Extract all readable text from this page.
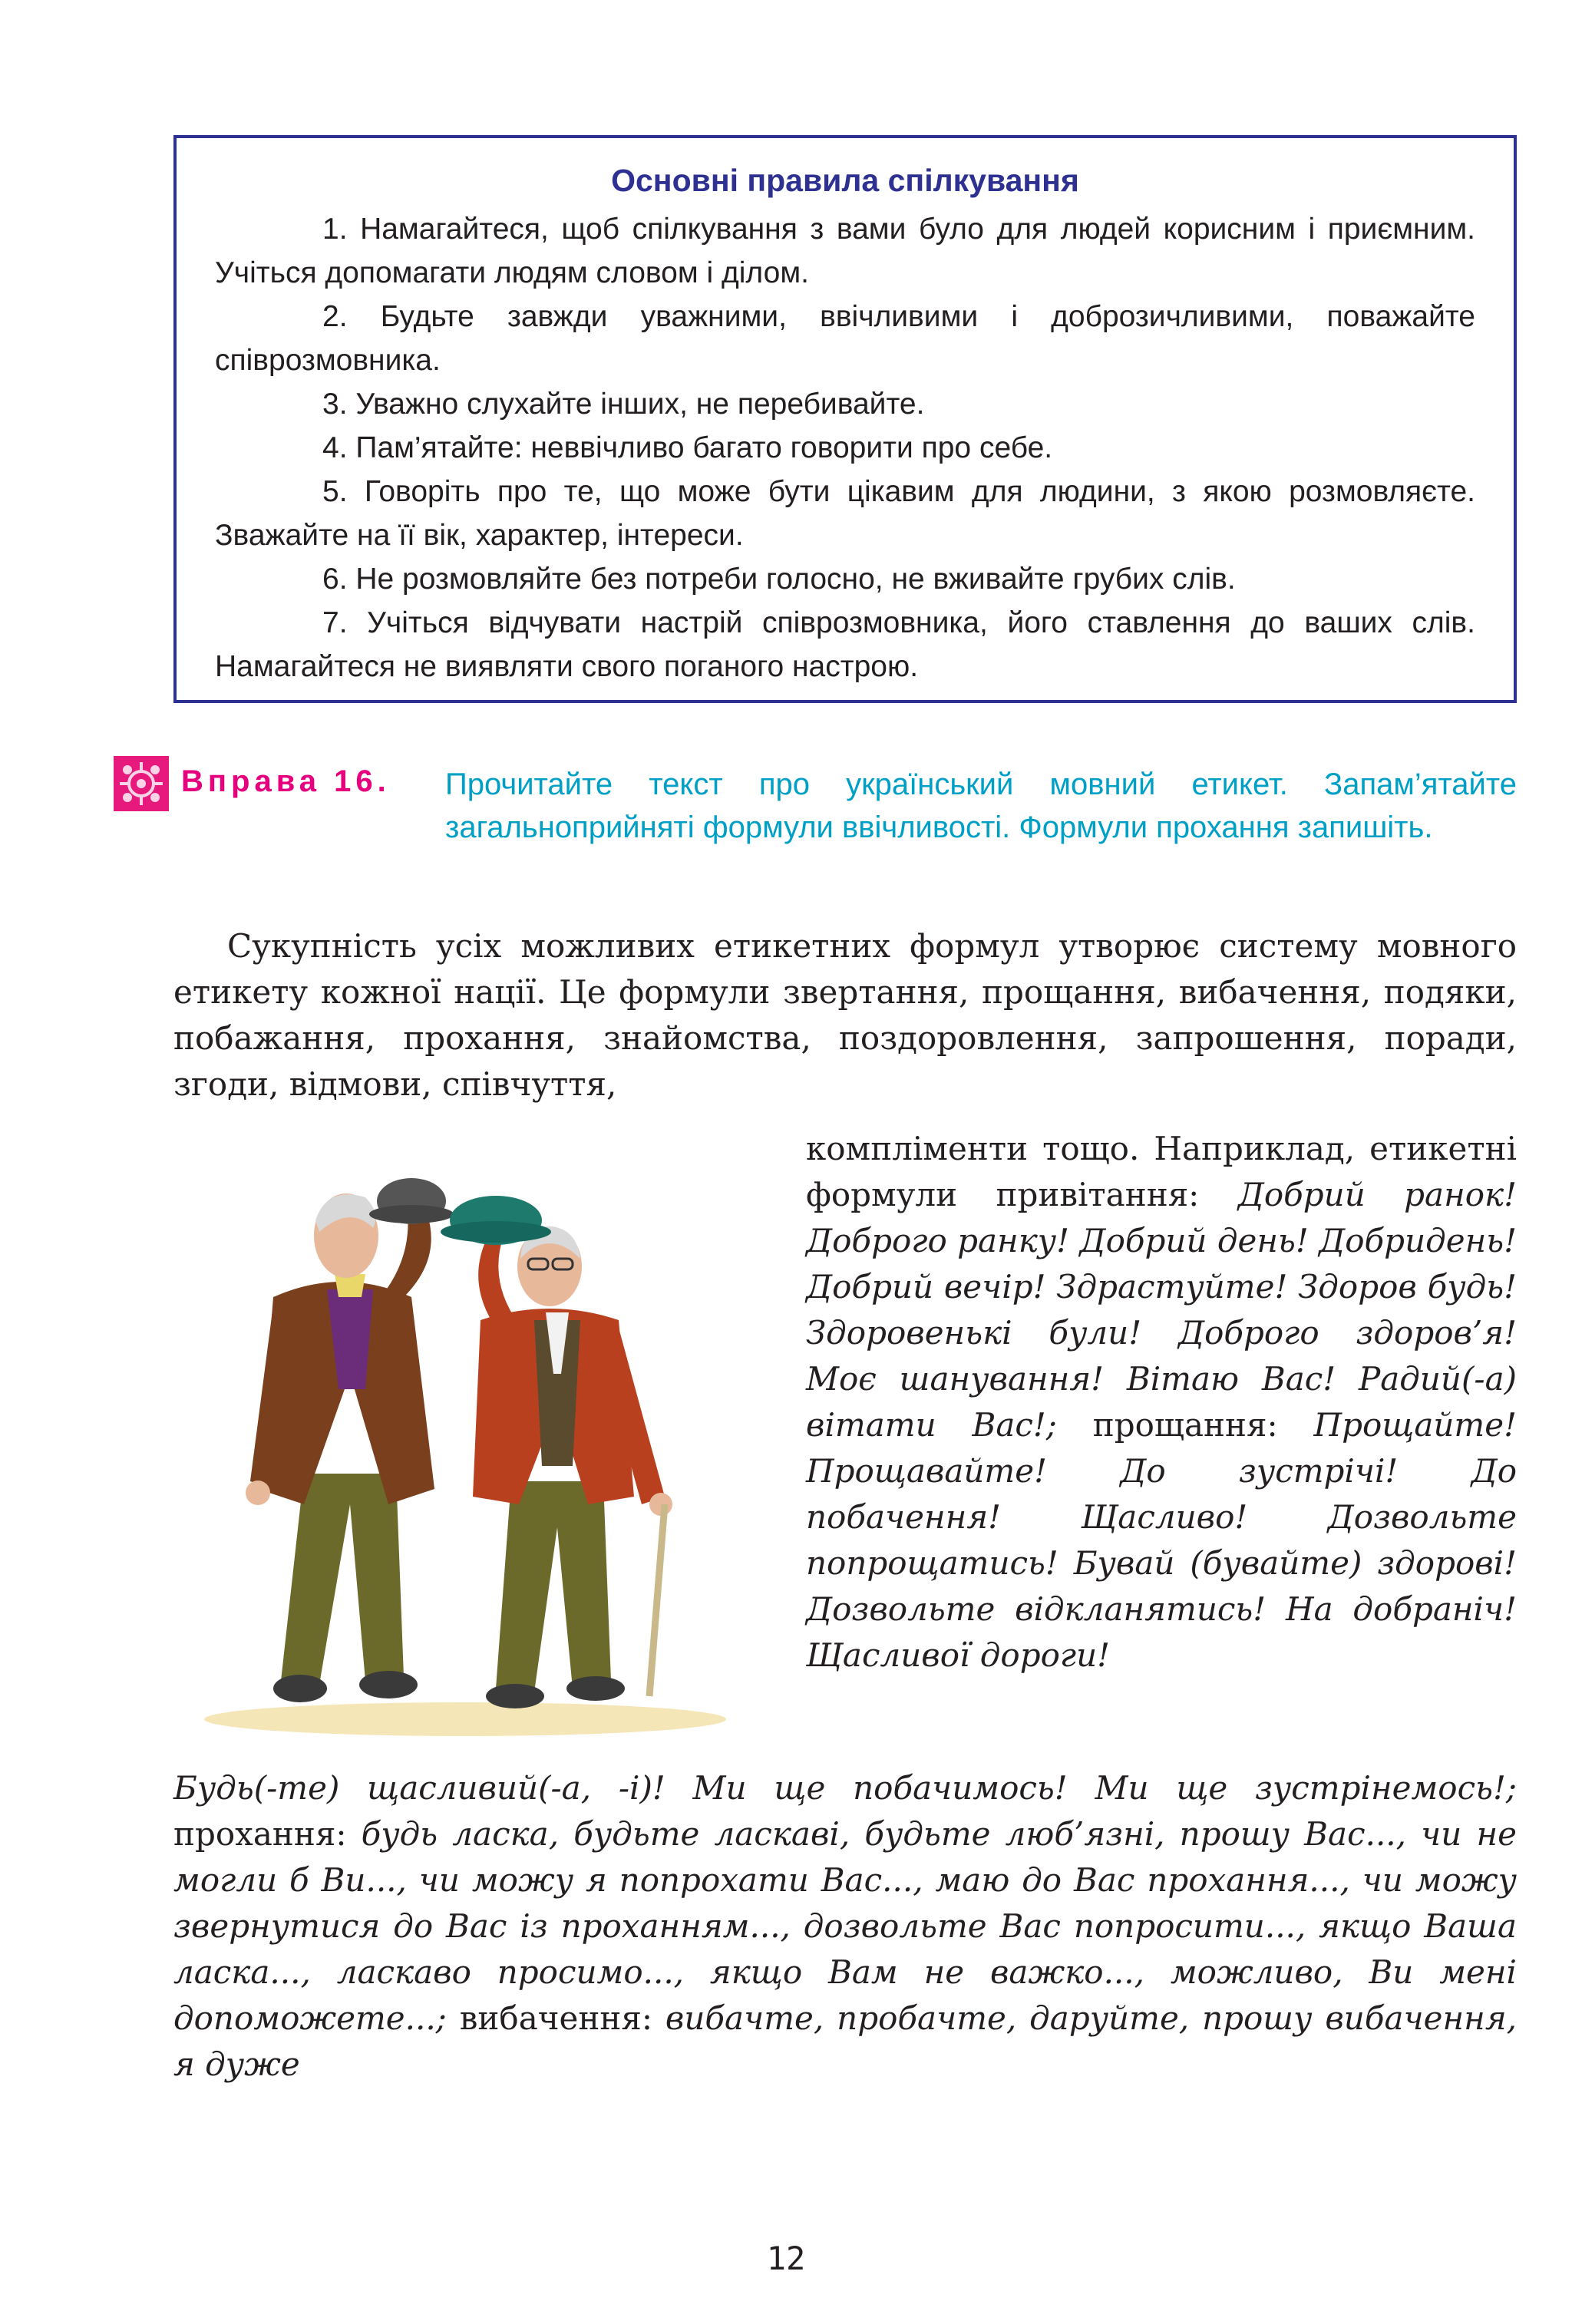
Основні правила спілкування

1. Намагайтеся, щоб спілкування з вами було для людей корисним і приємним. Учіться допомагати людям словом і ділом.

2. Будьте завжди уважними, ввічливими і доброзичливими, поважайте співрозмовника.

3. Уважно слухайте інших, не перебивайте.

4. Пам’ятайте: неввічливо багато говорити про себе.

5. Говоріть про те, що може бути цікавим для людини, з якою розмовляєте. Зважайте на її вік, характер, інтереси.

6. Не розмовляйте без потреби голосно, не вживайте грубих слів.

7. Учіться відчувати настрій співрозмовника, його ставлення до ваших слів. Намагайтеся не виявляти свого поганого настрою.

Вправа 16. Прочитайте текст про український мовний етикет. Запам’ятайте загальноприйняті формули ввічливості. Формули прохання запишіть.
Сукупність усіх можливих етикетних формул утворює систему мовного етикету кожної нації. Це формули звертання, прощання, вибачення, подяки, побажання, прохання, знайомства, поздоровлення, запрошення, поради, згоди, відмови, співчуття,
компліменти тощо. Наприклад, етикетні формули привітання: Добрий ранок! Доброго ранку! Добрий день! Добридень! Добрий вечір! Здрастуйте! Здоров будь! Здоровенькі були! Доброго здоров’я! Моє шанування! Вітаю Вас! Радий(-а) вітати Вас!; прощання: Прощайте! Прощавайте! До зустрічі! До побачення! Щасливо! Дозвольте попрощатись! Бувай (бувайте) здорові! Дозвольте відкланятись! На добраніч! Щасливої дороги!
Будь(-те) щасливий(-а, -і)! Ми ще побачимось! Ми ще зустрінемось!; прохання: будь ласка, будьте ласкаві, будьте люб’язні, прошу Вас..., чи не могли б Ви..., чи можу я попрохати Вас..., маю до Вас прохання..., чи можу звернутися до Вас із проханням..., дозвольте Вас попросити..., якщо Ваша ласка..., ласкаво просимо..., якщо Вам не важко..., можливо, Ви мені допоможете...; вибачення: вибачте, пробачте, даруйте, прошу вибачення, я дуже
12
